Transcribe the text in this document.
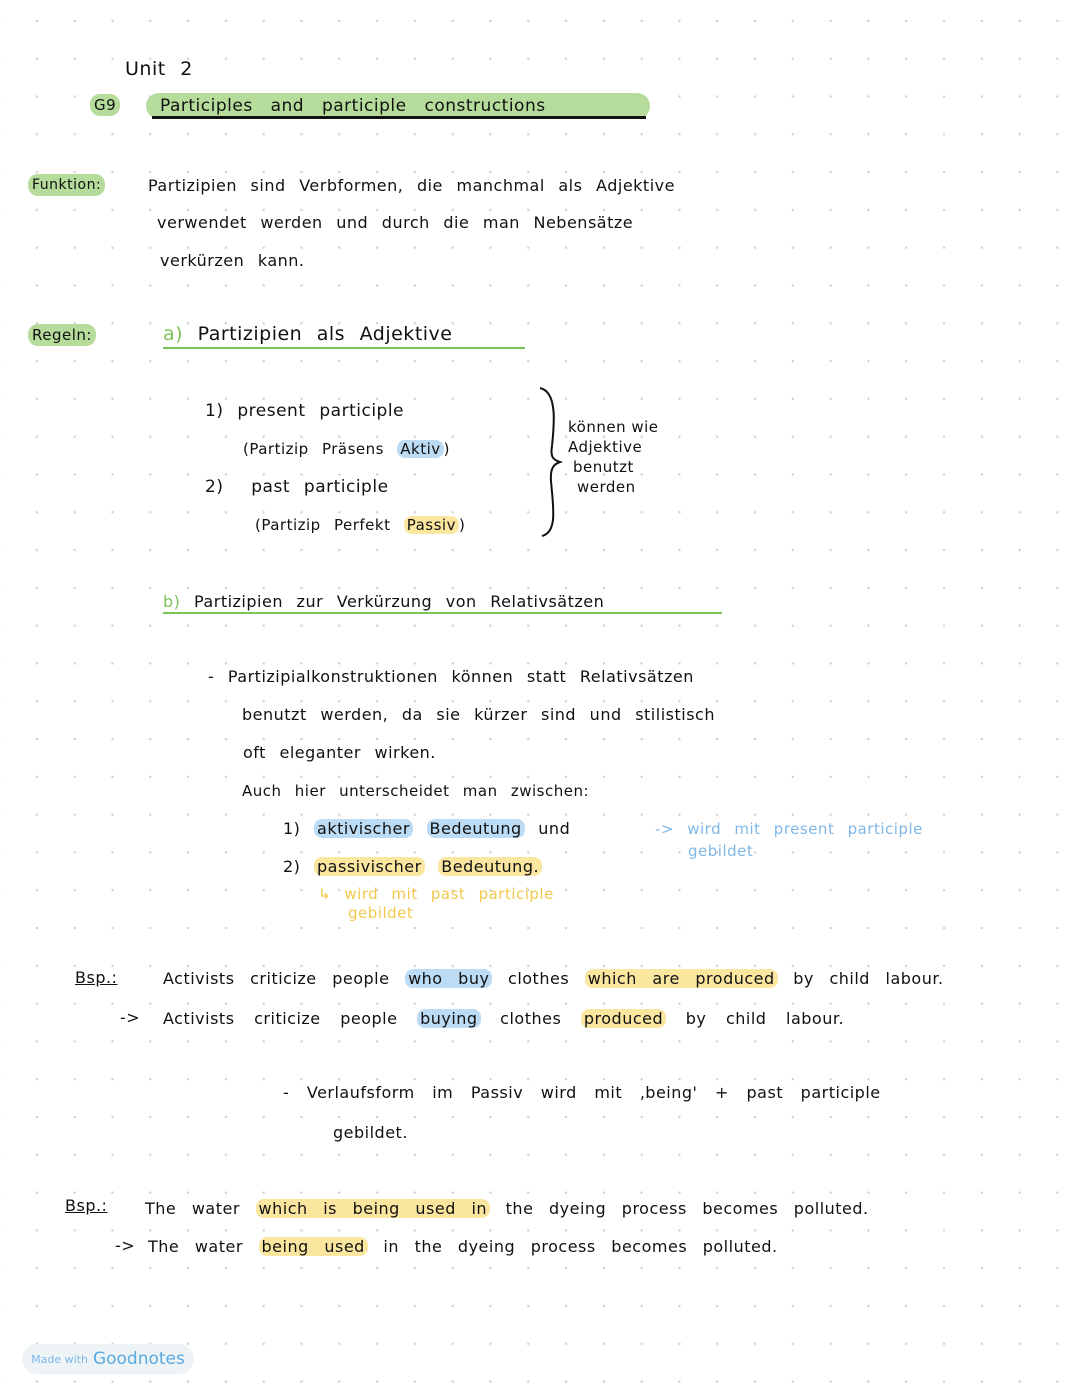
Unit 2
G9	Participles and participle constructions
Funktion:	Partizipien sind Verbformen, die manchmal als Adjektive
verwendet werden und durch die man Nebensätze
verkürzen kann.
Regeln:	a) Partizipien als Adjektive
1) present participle
(Partizip Präsens Aktiv )
2) past participle
(Partizip Perfekt Passiv )
können wie
Adjektive
benutzt
werden
b) Partizipien zur Verkürzung von Relativsätzen
- Partizipialkonstruktionen können statt Relativsätzen
benutzt werden, da sie kürzer sind und stilistisch
oft eleganter wirken.
Auch hier unterscheidet man zwischen:
1) aktivischer Bedeutung und	-> wird mit present participle
gebildet
2) passivischer Bedeutung.
↳ wird mit past participle
gebildet
Bsp.:	Activists criticize people who buy clothes which are produced by child labour.
-> Activists criticize people buying clothes produced by child labour.
- Verlaufsform im Passiv wird mit ‚being' + past participle
gebildet.
Bsp.: The water which is being used in the dyeing process becomes polluted.
-> The water being used in the dyeing process becomes polluted.
Made with Goodnotes
